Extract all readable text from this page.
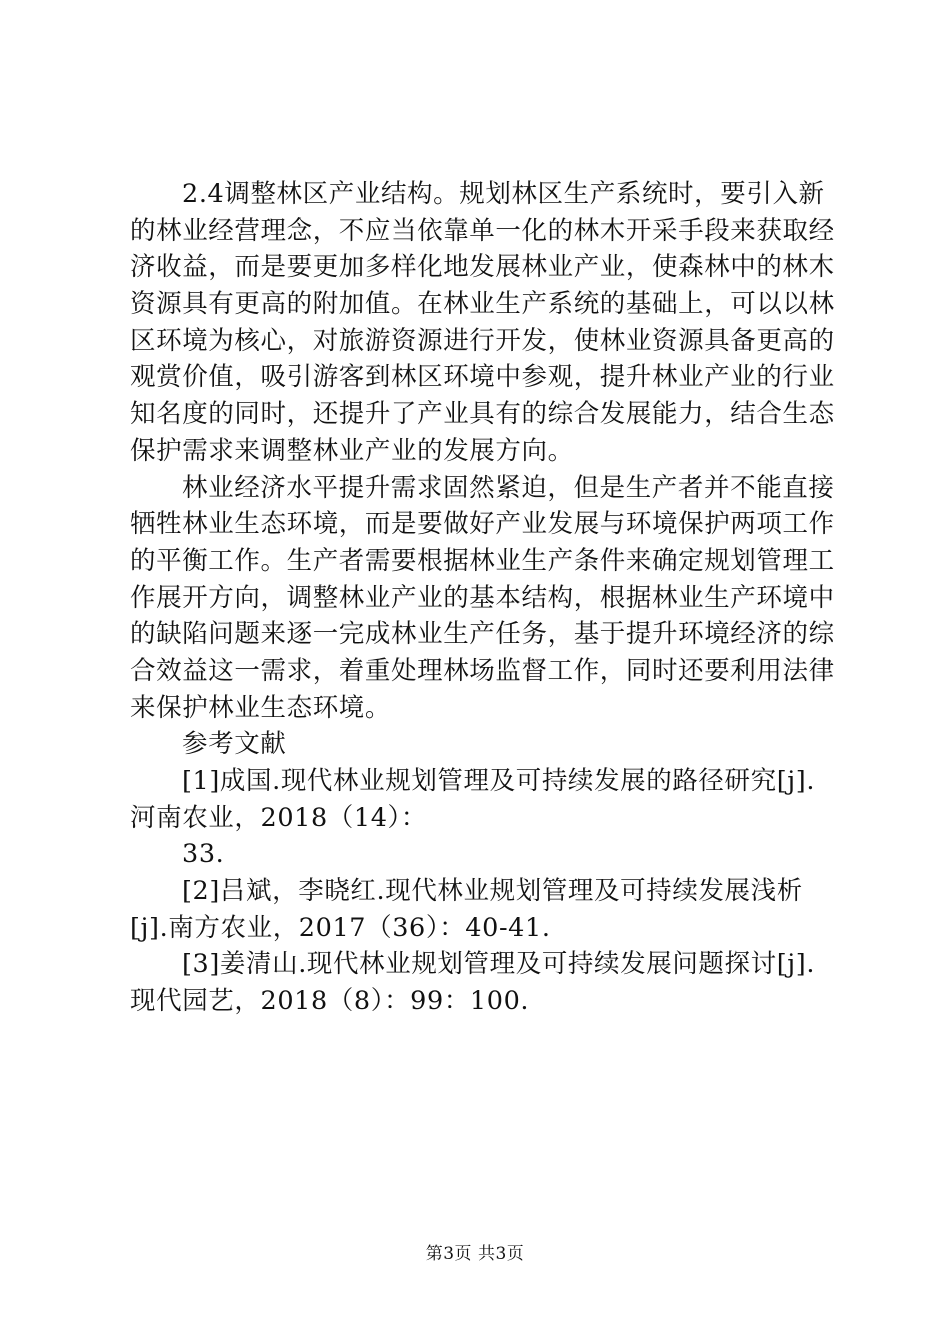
2.4调整林区产业结构。规划林区生产系统时，要引入新
的林业经营理念，不应当依靠单一化的林木开采手段来获取经
济收益，而是要更加多样化地发展林业产业，使森林中的林木
资源具有更高的附加值。在林业生产系统的基础上，可以以林
区环境为核心，对旅游资源进行开发，使林业资源具备更高的
观赏价值，吸引游客到林区环境中参观，提升林业产业的行业
知名度的同时，还提升了产业具有的综合发展能力，结合生态
保护需求来调整林业产业的发展方向。
林业经济水平提升需求固然紧迫，但是生产者并不能直接
牺牲林业生态环境，而是要做好产业发展与环境保护两项工作
的平衡工作。生产者需要根据林业生产条件来确定规划管理工
作展开方向，调整林业产业的基本结构，根据林业生产环境中
的缺陷问题来逐一完成林业生产任务，基于提升环境经济的综
合效益这一需求，着重处理林场监督工作，同时还要利用法律
来保护林业生态环境。
参考文献
[1]成国.现代林业规划管理及可持续发展的路径研究[j].
河南农业，2018（14）：
33.
[2]吕斌，李晓红.现代林业规划管理及可持续发展浅析
[j].南方农业，2017（36）：40-41.
[3]姜清山.现代林业规划管理及可持续发展问题探讨[j].
现代园艺，2018（8）：99：100.
第3页 共3页
